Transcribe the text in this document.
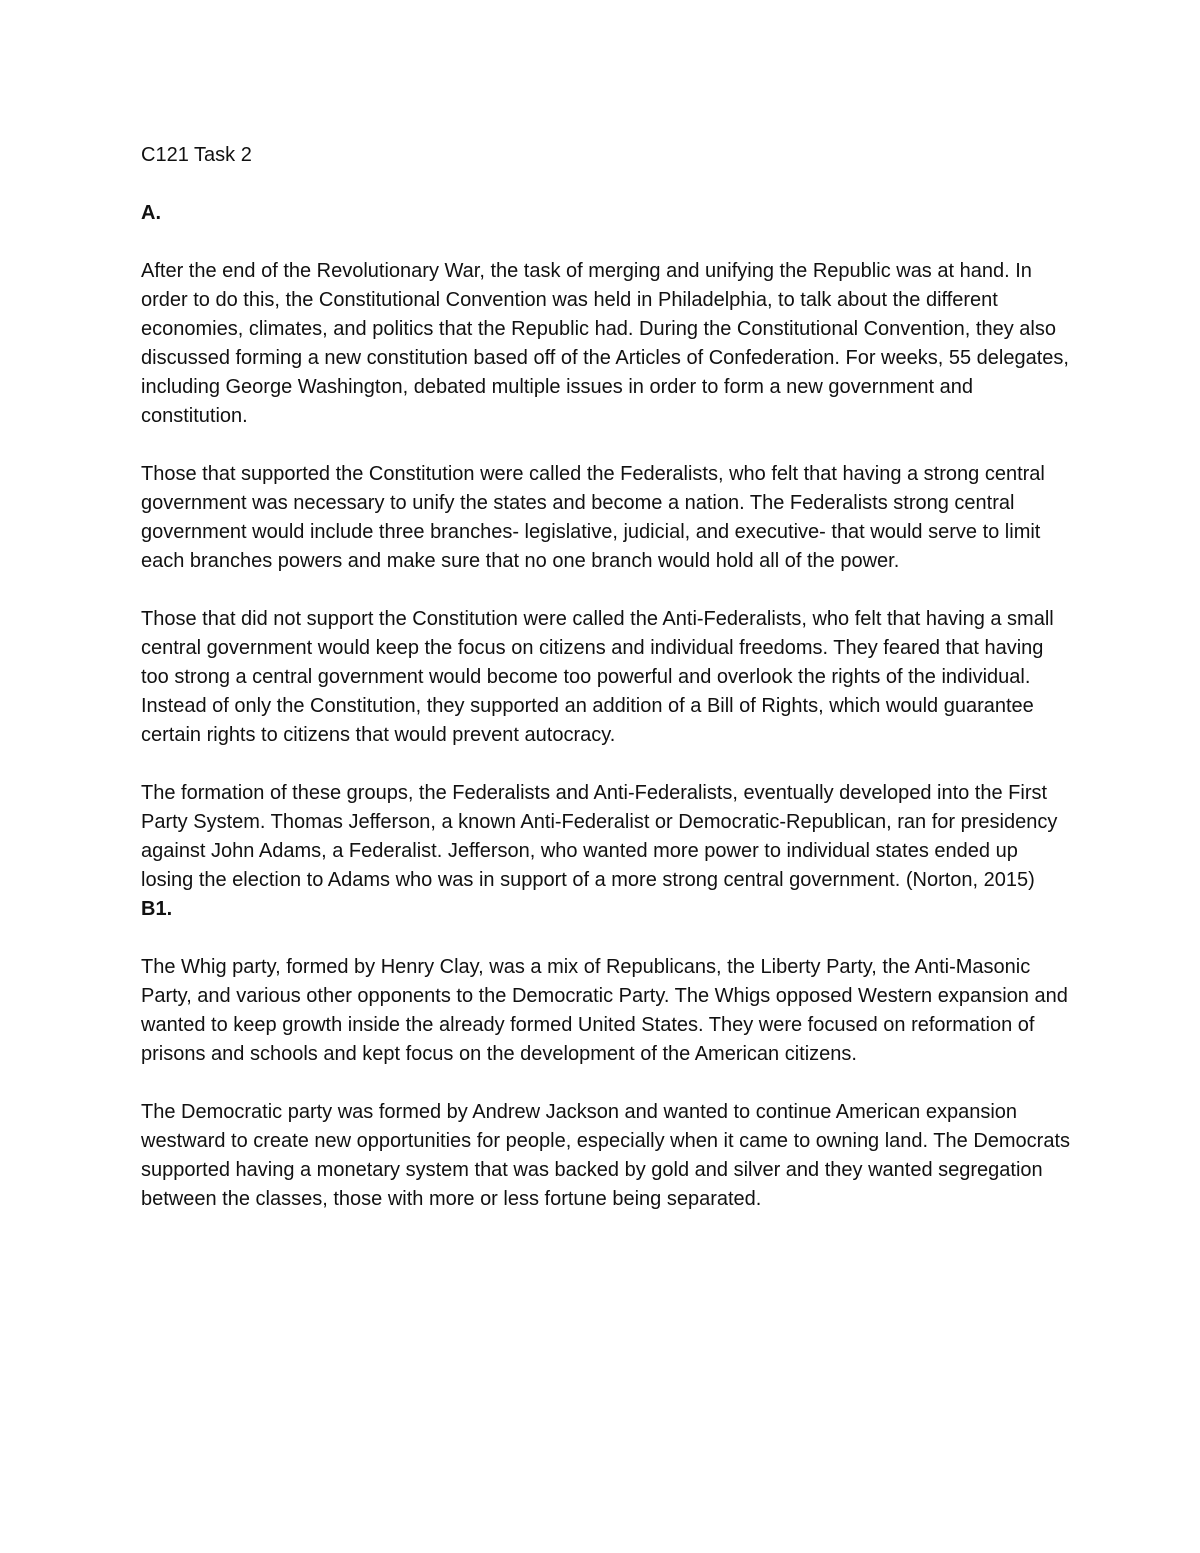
C121 Task 2

A.

After the end of the Revolutionary War, the task of merging and unifying the Republic was at hand. In order to do this, the Constitutional Convention was held in Philadelphia, to talk about the different economies, climates, and politics that the Republic had. During the Constitutional Convention, they also discussed forming a new constitution based off of the Articles of Confederation. For weeks, 55 delegates, including George Washington, debated multiple issues in order to form a new government and constitution.

Those that supported the Constitution were called the Federalists, who felt that having a strong central government was necessary to unify the states and become a nation. The Federalists strong central government would include three branches- legislative, judicial, and executive- that would serve to limit each branches powers and make sure that no one branch would hold all of the power.

Those that did not support the Constitution were called the Anti-Federalists, who felt that having a small central government would keep the focus on citizens and individual freedoms. They feared that having too strong a central government would become too powerful and overlook the rights of the individual. Instead of only the Constitution, they supported an addition of a Bill of Rights, which would guarantee certain rights to citizens that would prevent autocracy.

The formation of these groups, the Federalists and Anti-Federalists, eventually developed into the First Party System. Thomas Jefferson, a known Anti-Federalist or Democratic-Republican, ran for presidency against John Adams, a Federalist. Jefferson, who wanted more power to individual states ended up losing the election to Adams who was in support of a more strong central government. (Norton, 2015)

B1.

The Whig party, formed by Henry Clay, was a mix of Republicans, the Liberty Party, the Anti-Masonic Party, and various other opponents to the Democratic Party. The Whigs opposed Western expansion and wanted to keep growth inside the already formed United States. They were focused on reformation of prisons and schools and kept focus on the development of the American citizens.

The Democratic party was formed by Andrew Jackson and wanted to continue American expansion westward to create new opportunities for people, especially when it came to owning land. The Democrats supported having a monetary system that was backed by gold and silver and they wanted segregation between the classes, those with more or less fortune being separated.
